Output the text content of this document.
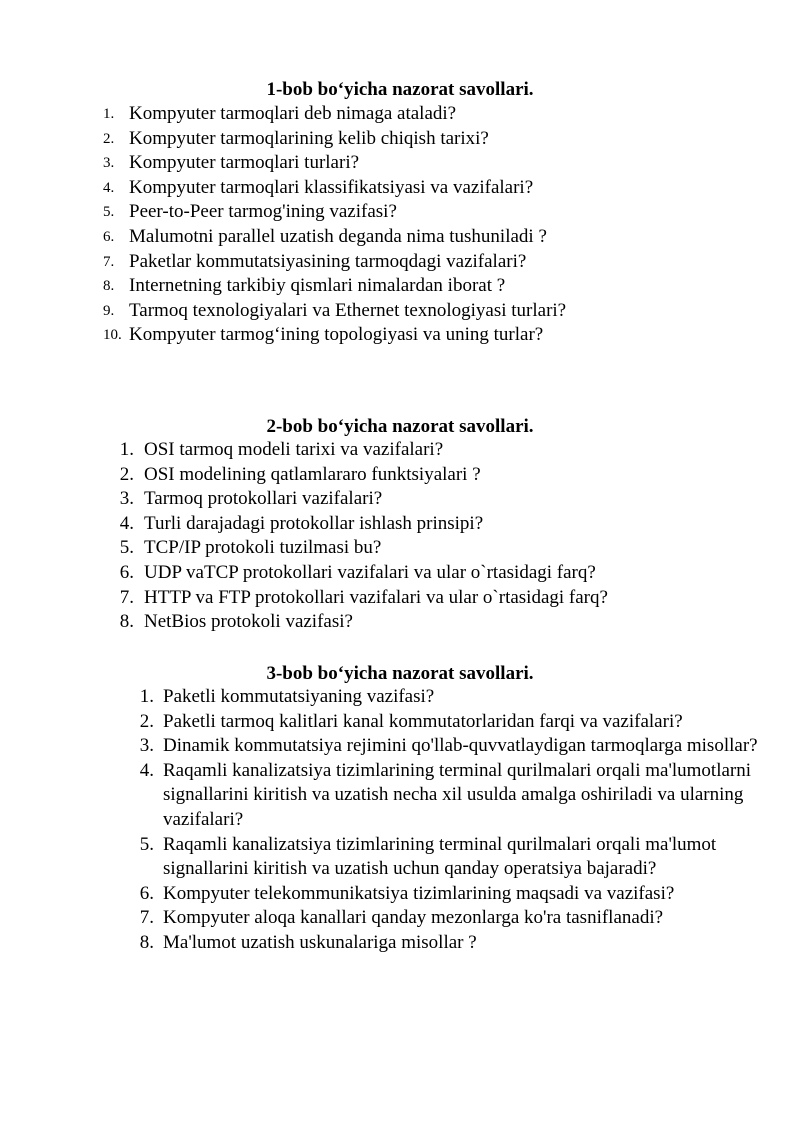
1-bob bo‘yicha nazorat savollari.
1. Kompyuter tarmoqlari deb nimaga ataladi?
2. Kompyuter tarmoqlarining kelib chiqish tarixi?
3. Kompyuter tarmoqlari turlari?
4. Kompyuter tarmoqlari klassifikatsiyasi va vazifalari?
5. Peer-to-Peer tarmog'ining vazifasi?
6. Malumotni parallel uzatish deganda nima tushuniladi ?
7. Paketlar kommutatsiyasining tarmoqdagi vazifalari?
8. Internetning tarkibiy qismlari nimalardan iborat ?
9. Tarmoq texnologiyalari va Ethernet texnologiyasi turlari?
10. Kompyuter tarmog‘ining topologiyasi va uning turlar?
2-bob bo‘yicha nazorat savollari.
1. OSI tarmoq modeli tarixi va vazifalari?
2. OSI modelining qatlamlararo funktsiyalari ?
3. Tarmoq protokollari vazifalari?
4. Turli darajadagi protokollar ishlash prinsipi?
5. TCP/IP protokoli tuzilmasi bu?
6. UDP vaTCP protokollari vazifalari va ular o`rtasidagi farq?
7. HTTP va FTP protokollari vazifalari va ular o`rtasidagi farq?
8. NetBios protokoli vazifasi?
3-bob bo‘yicha nazorat savollari.
1. Paketli kommutatsiyaning vazifasi?
2. Paketli tarmoq kalitlari kanal kommutatorlaridan farqi va vazifalari?
3. Dinamik kommutatsiya rejimini qo'llab-quvvatlaydigan tarmoqlarga misollar?
4. Raqamli kanalizatsiya tizimlarining terminal qurilmalari orqali ma'lumotlarni signallarini kiritish va uzatish necha xil usulda amalga oshiriladi va ularning vazifalari?
5. Raqamli kanalizatsiya tizimlarining terminal qurilmalari orqali ma'lumot signallarini kiritish va uzatish uchun qanday operatsiya bajaradi?
6. Kompyuter telekommunikatsiya tizimlarining maqsadi va vazifasi?
7. Kompyuter aloqa kanallari qanday mezonlarga ko'ra tasniflanadi?
8. Ma'lumot uzatish uskunalariga misollar ?
